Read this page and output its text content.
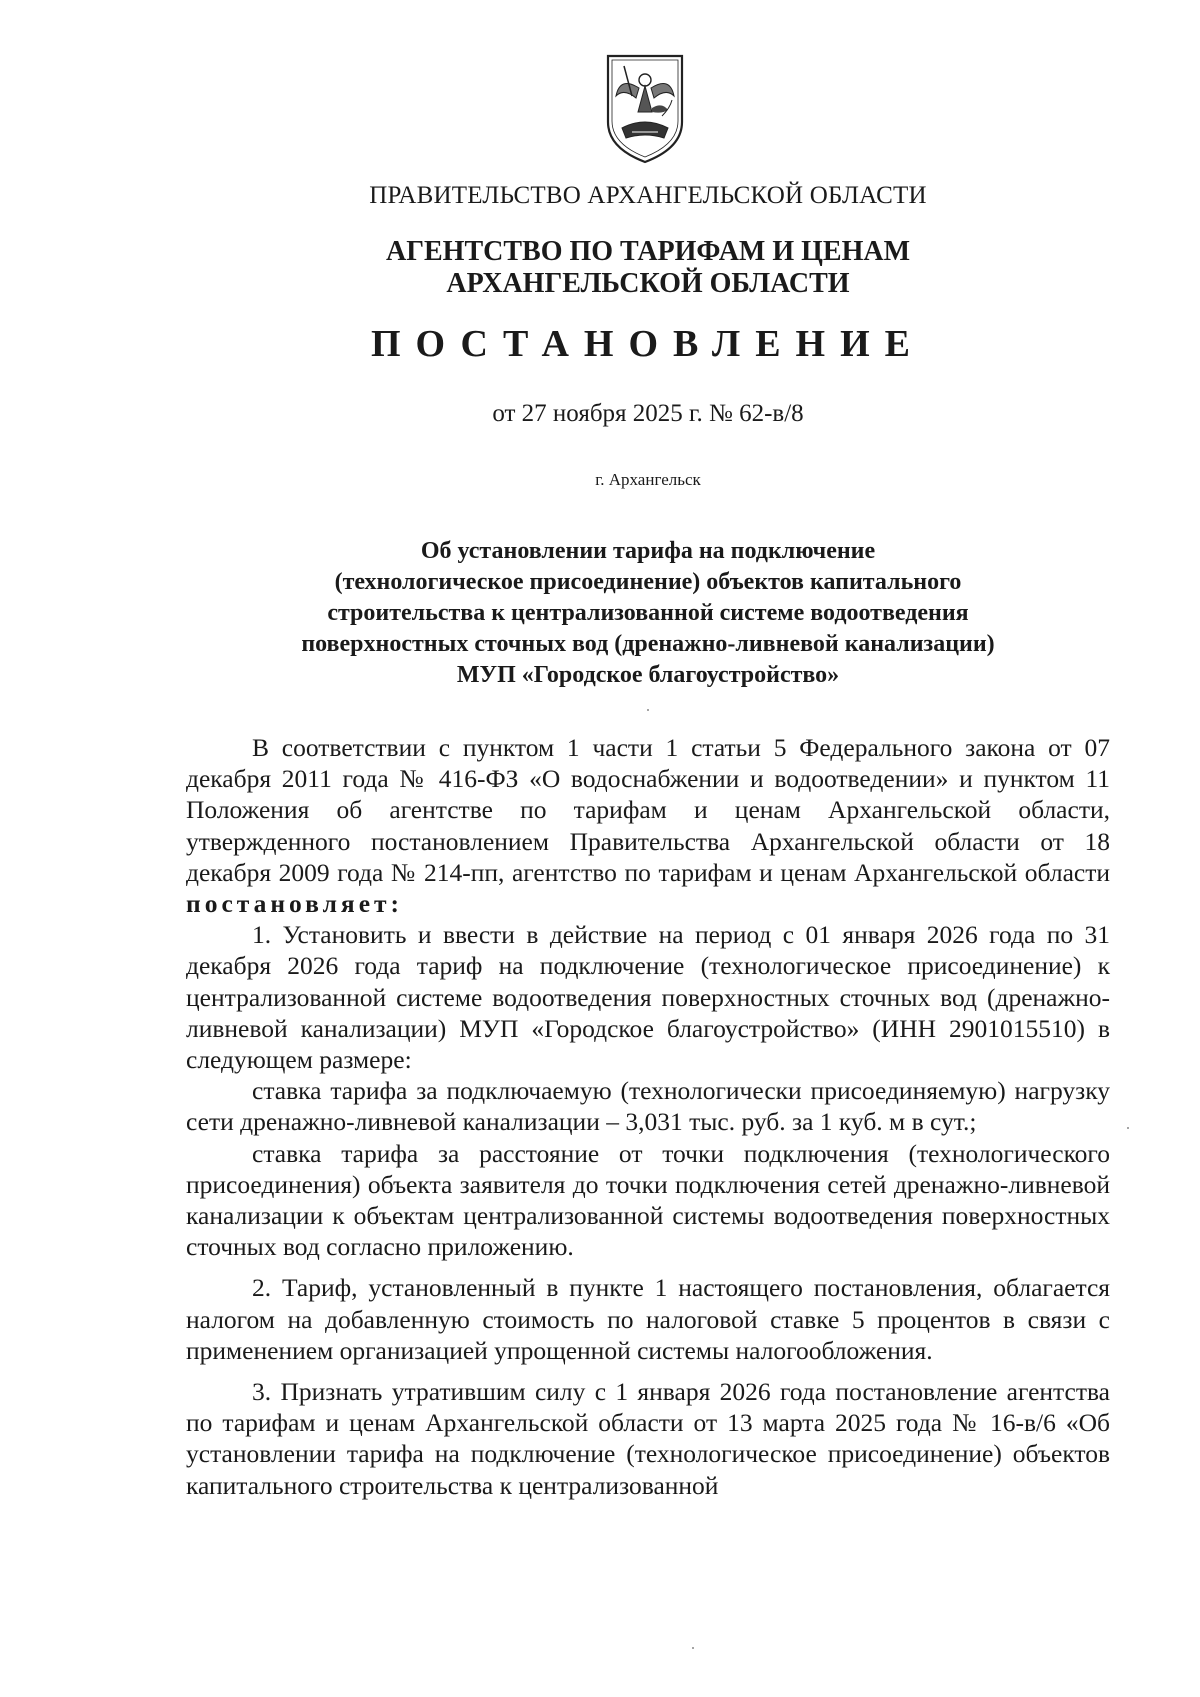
ПРАВИТЕЛЬСТВО АРХАНГЕЛЬСКОЙ ОБЛАСТИ
АГЕНТСТВО ПО ТАРИФАМ И ЦЕНАМ
АРХАНГЕЛЬСКОЙ ОБЛАСТИ
ПОСТАНОВЛЕНИЕ
от 27 ноября 2025 г. № 62-в/8
г. Архангельск
Об установлении тарифа на подключение
(технологическое присоединение) объектов капитального
строительства к централизованной системе водоотведения
поверхностных сточных вод (дренажно-ливневой канализации)
МУП «Городское благоустройство»

В соответствии с пунктом 1 части 1 статьи 5 Федерального закона от 07 декабря 2011 года № 416-ФЗ «О водоснабжении и водоотведении» и пунктом 11 Положения об агентстве по тарифам и ценам Архангельской области, утвержденного постановлением Правительства Архангельской области от 18 декабря 2009 года № 214-пп, агентство по тарифам и ценам Архангельской области постановляет:

1. Установить и ввести в действие на период с 01 января 2026 года по 31 декабря 2026 года тариф на подключение (технологическое присоединение) к централизованной системе водоотведения поверхностных сточных вод (дренажно-ливневой канализации) МУП «Городское благоустройство» (ИНН 2901015510) в следующем размере:

ставка тарифа за подключаемую (технологически присоединяемую) нагрузку сети дренажно-ливневой канализации – 3,031 тыс. руб. за 1 куб. м в сут.;

ставка тарифа за расстояние от точки подключения (технологического присоединения) объекта заявителя до точки подключения сетей дренажно-ливневой канализации к объектам централизованной системы водоотведения поверхностных сточных вод согласно приложению.

2. Тариф, установленный в пункте 1 настоящего постановления, облагается налогом на добавленную стоимость по налоговой ставке 5 процентов в связи с применением организацией упрощенной системы налогообложения.

3. Признать утратившим силу с 1 января 2026 года постановление агентства по тарифам и ценам Архангельской области от 13 марта 2025 года № 16-в/6 «Об установлении тарифа на подключение (технологическое присоединение) объектов капитального строительства к централизованной
